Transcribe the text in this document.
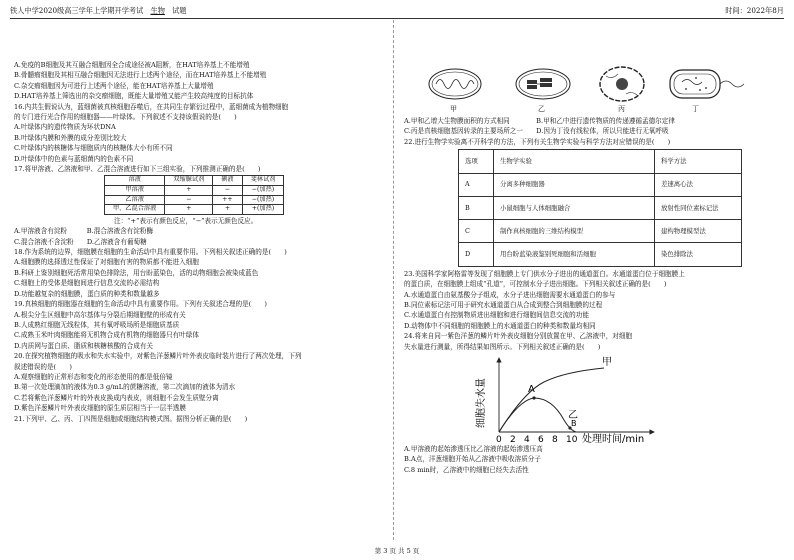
铁人中学2020级高三学年上学期开学考试　 生物　 试题	时间：2022年8月
A.免疫的B细胞及其互融合细胞因全合成途径被A阻断，在HAT培养基上不能增殖
B.骨髓瘤细胞及其相互融合细胞因无法进行上述两个途径，而在HAT培养基上不能增殖
C.杂交瘤细胞因为可进行上述两个途径，能在HAT培养基上大量增殖
D.HAT培养基上筛选出的杂交瘤细胞，既能大量增殖又能产生较高纯度的目标抗体
16.内共生假说认为，蓝细菌被真核细胞吞噬后，在共同生存繁衍过程中，蓝细菌成为植物细胞
的专门进行光合作用的细胞器——叶绿体。下列叙述不支持该假说的是(　　)
A.叶绿体内的遗传物质为环状DNA
B.叶绿体内膜和外膜的成分差别比较大
C.叶绿体内的核糖体与细胞质内的核糖体大小有所不同
D.叶绿体中的色素与蓝细菌内的色素不同
17.将甲溶液、乙溶液和甲、乙混合溶液进行如下三组实验，下列推测正确的是(　　)
溶液	双缩脲试剂	碘液	斐林试剂
甲溶液	+	−	−(加热)
乙溶液	−	++	−(加热)
甲、乙混合溶液	+	+	+(加热)
注：“+”表示有颜色反应，“−”表示无颜色反应。
A.甲溶液含有淀粉　　　B.混合溶液含有淀粉酶
C.混合溶液不含淀粉　　D.乙溶液含有葡萄糖
18.作为系统的边界，细胞膜在细胞的生命活动中具有重要作用。下列相关叙述正确的是(　　)
A.细胞膜的选择透过性保证了对细胞有害的物质都不能进入细胞
B.科研上鉴别细胞死活常用染色排除法，用台盼蓝染色，活的动物细胞会被染成蓝色
C.细胞上的受体是细胞间进行信息交流的必需结构
D.功能越复杂的细胞膜，蛋白质的种类和数量越多
19.真核细胞的细胞器在细胞的生命活动中具有重要作用。下列有关叙述合理的是(　　)
A.根尖分生区细胞中高尔基体与分裂后期细胞壁的形成有关
B.人成熟红细胞无线粒体，其有氧呼吸场所是细胞质基质
C.成熟玉米叶肉细胞能将无机物合成有机物的细胞器只有叶绿体
D.内质网与蛋白质、脂质和核糖核酸的合成有关
20.在探究植物细胞的吸水和失水实验中，对紫色洋葱鳞片叶外表皮临时装片进行了两次处理，下列
叙述错误的是(　　)
A.观察细胞的正常形态和变化的形态使用的都是低倍镜
B.第一次处理滴加的液体为0.3 g/mL的蔗糖溶液，第二次滴加的液体为清水
C.若将紫色洋葱鳞片叶的外表皮换成内表皮，则细胞不会发生质壁分离
D.紫色洋葱鳞片叶外表皮细胞的原生质层相当于一层半透膜
21.下列甲、乙、丙、丁四图是细胞或细胞结构模式图。据图分析正确的是(　　)
甲	乙	丙	丁
A.甲和乙增大生物膜面积的方式相同　　　　B.甲和乙中进行遗传物质的传递遵循孟德尔定律
C.丙是真核细胞基因转录的主要场所之一　　D.因为丁没有线粒体，所以只能进行无氧呼吸
22.进行生物学实验离不开科学的方法，下列有关生物学实验与科学方法对应错误的是(　　)
选项	生物学实验	科学方法
A	分离多种细胞器	差速离心法
B	小鼠细胞与人体细胞融合	放射性同位素标记法
C	制作真核细胞的三维结构模型	建构物理模型法
D	用台盼蓝染液鉴别死细胞和活细胞	染色排除法
23.美国科学家阿格雷等发现了细胞膜上专门供水分子进出的通道蛋白。水通道蛋白位于细胞膜上
的蛋白质，在细胞膜上组成“孔道”，可控制水分子进出细胞。下列相关叙述正确的是(　　)
A.水通道蛋白由氨基酸分子组成，水分子进出细胞需要水通道蛋白的参与
B.同位素标记法可用于研究水通道蛋白从合成到整合到细胞膜的过程
C.水通道蛋白有控制物质进出细胞和进行细胞间信息交流的功能
D.动物体中不同细胞的细胞膜上的水通道蛋白的种类和数量均相同
24.将来自同一紫色洋葱的鳞片叶外表皮细胞分别放置在甲、乙溶液中，对细胞
失水量进行测量，所得结果如图所示。下列相关叙述正确的是(　　)
细胞失水量
甲
乙
A
B
0 2 4 6 8 10 处理时间/min
A.甲溶液的起始渗透压比乙溶液的起始渗透压高
B.A点，洋葱细胞开始从乙溶液中吸收溶质分子
C.8 min时，乙溶液中的细胞已经失去活性
第 3 页 共 5 页
